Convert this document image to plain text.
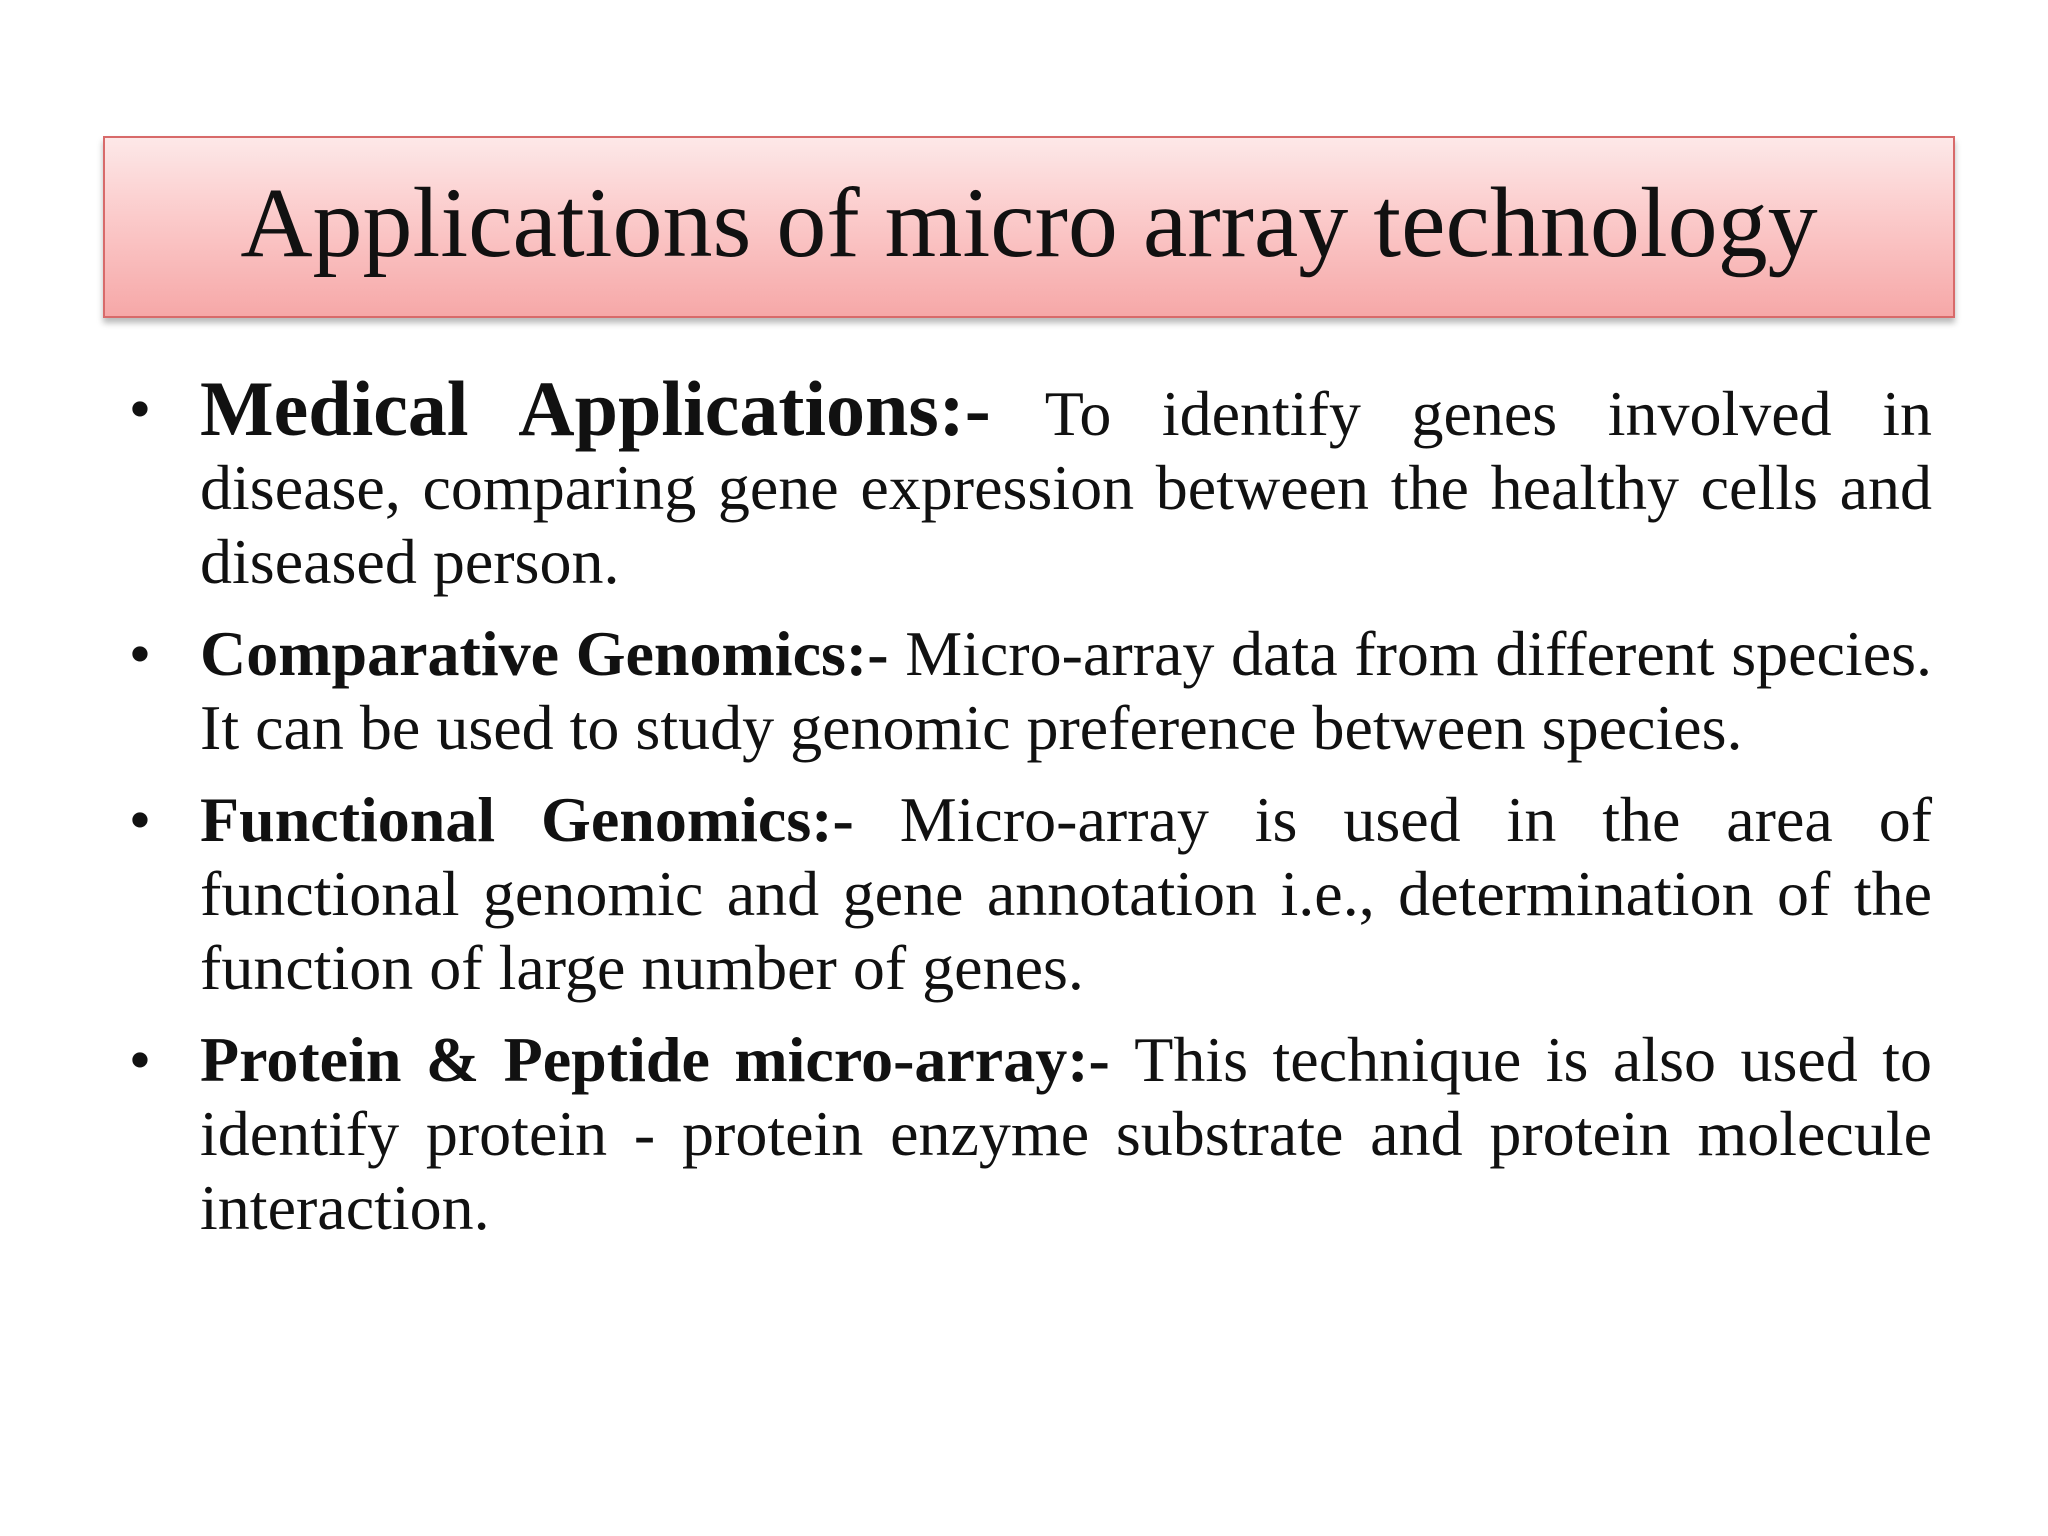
Applications of micro array technology
• Medical Applications:- To identify genes involved in disease, comparing gene expression between the healthy cells and diseased person.
• Comparative Genomics:- Micro-array data from different species. It can be used to study genomic preference between species.
• Functional Genomics:- Micro-array is used in the area of functional genomic and gene annotation i.e., determination of the function of large number of genes.
• Protein & Peptide micro-array:- This technique is also used to identify protein - protein enzyme substrate and protein molecule interaction.
